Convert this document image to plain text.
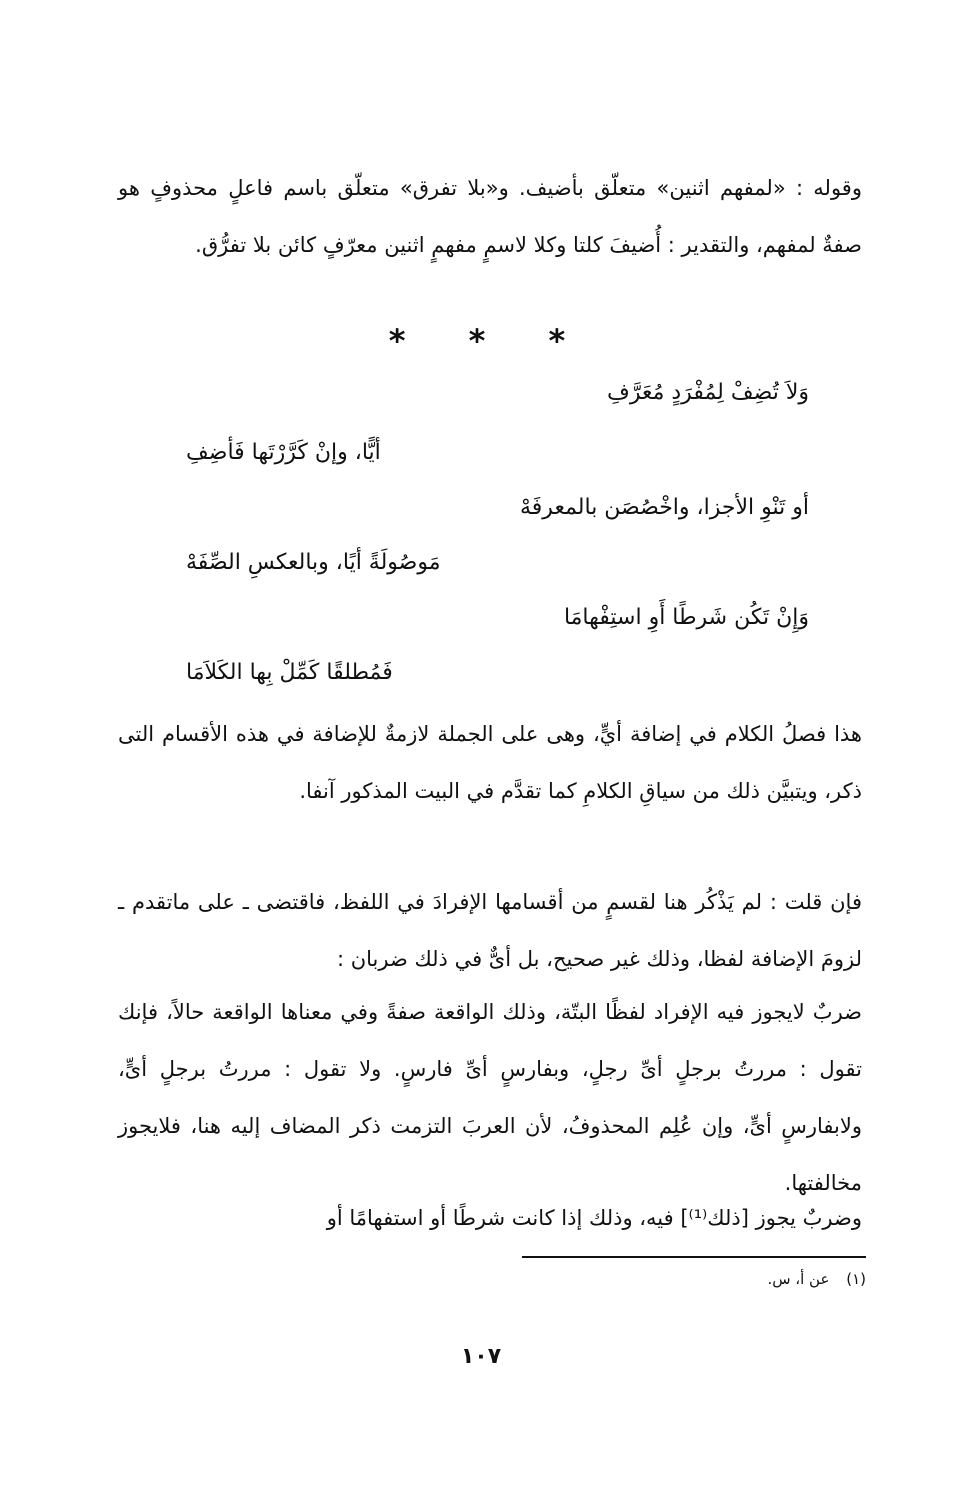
وقوله : «لمفهم اثنين» متعلّق بأضيف. و«بلا تفرق» متعلّق باسم فاعلٍ محذوفٍ هو صفةٌ لمفهم، والتقدير : أُضيفَ كلتا وكلا لاسمٍ مفهمٍ اثنين معرّفٍ كائن بلا تفرُّق.
* * *
وَلاَ تُضِفْ لِمُفْرَدٍ مُعَرَّفِ
أيًّا، وإنْ كَرَّرْتَها فَأضِفِ
أو تَنْوِ الأجزا، واخْصُصَن بالمعرفَهْ
مَوصُولَةً أيًا، وبالعكسِ الصِّفَهْ
وَإِنْ تَكُن شَرطًا أَوِ استِفْهامَا
فَمُطلقًا كَمِّلْ بِها الكَلاَمَا
هذا فصلُ الكلام في إضافة أيٍّ، وهى على الجملة لازمةٌ للإضافة في هذه الأقسام التى ذكر، ويتبيَّن ذلك من سياقِ الكلامِ كما تقدَّم في البيت المذكور آنفا.
فإن قلت : لم يَذْكُر هنا لقسمٍ من أقسامها الإفرادَ في اللفظ، فاقتضى ـ على ماتقدم ـ لزومَ الإضافة لفظا، وذلك غير صحيح، بل أىٌّ في ذلك ضربان :
ضربٌ لايجوز فيه الإفراد لفظًا البتّة، وذلك الواقعة صفةً وفي معناها الواقعة حالاً، فإنك تقول : مررتُ برجلٍ أىِّ رجلٍ، وبفارسٍ أىِّ فارسٍ. ولا تقول : مررتُ برجلٍ أىٍّ، ولابفارسٍ أىٍّ، وإن عُلِم المحذوفُ، لأن العربَ التزمت ذكر المضاف إليه هنا، فلايجوز مخالفتها.
وضربٌ يجوز [ذلك⁽¹⁾] فيه، وذلك إذا كانت شرطًا أو استفهامًا أو
(١) عن أ، س.
١٠٧
